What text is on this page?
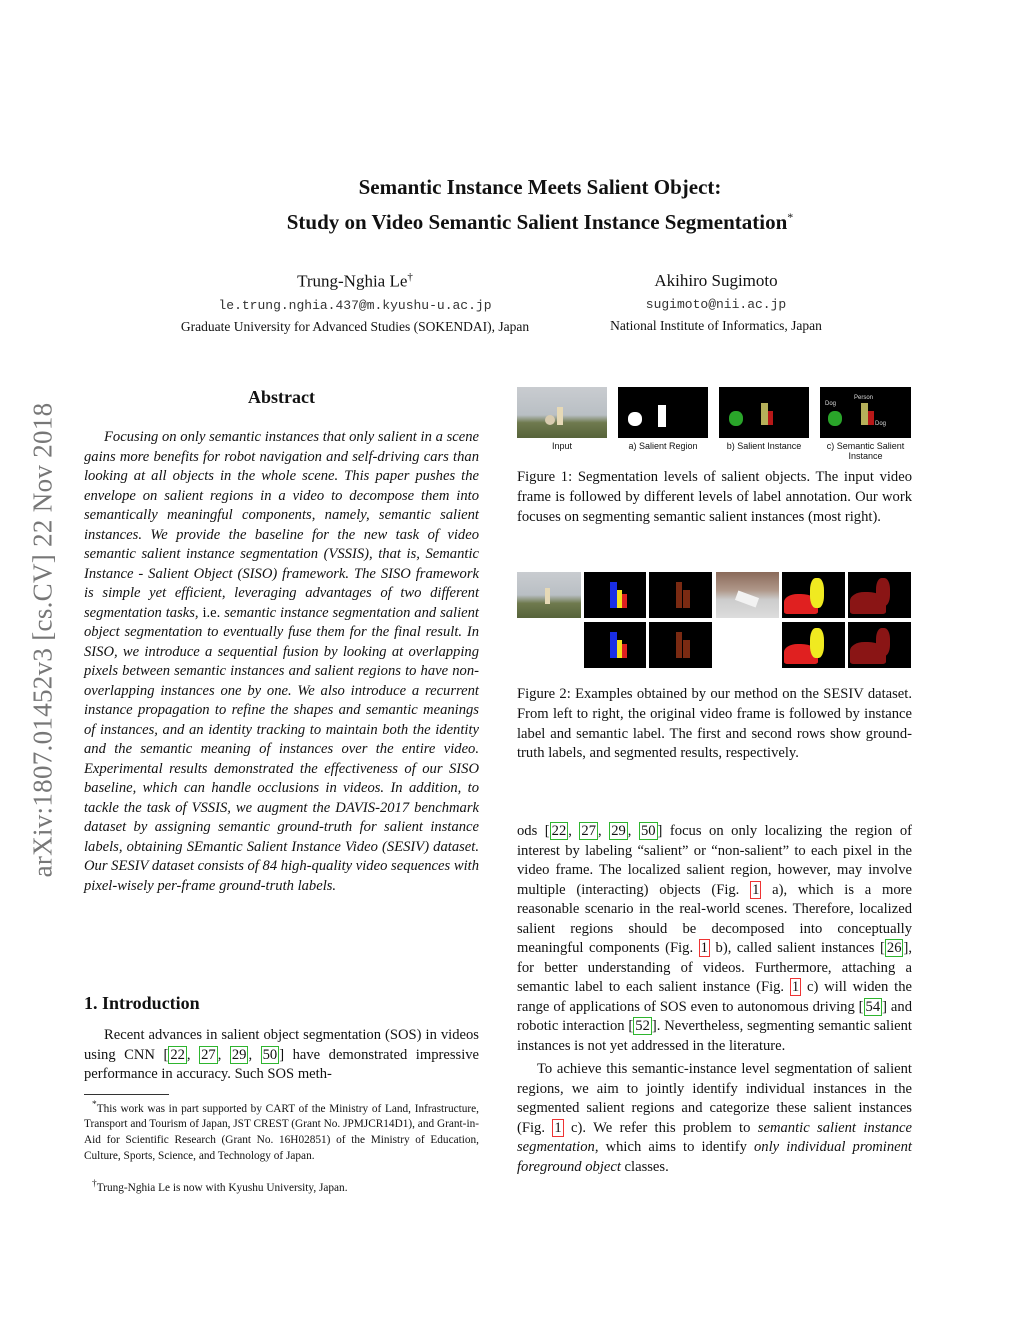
arXiv:1807.01452v3 [cs.CV] 22 Nov 2018
Semantic Instance Meets Salient Object:
Study on Video Semantic Salient Instance Segmentation*
Trung-Nghia Le†
le.trung.nghia.437@m.kyushu-u.ac.jp
Graduate University for Advanced Studies (SOKENDAI), Japan
Akihiro Sugimoto
sugimoto@nii.ac.jp
National Institute of Informatics, Japan
Abstract
Focusing on only semantic instances that only salient in a scene gains more benefits for robot navigation and self-driving cars than looking at all objects in the whole scene. This paper pushes the envelope on salient regions in a video to decompose them into semantically meaningful components, namely, semantic salient instances. We provide the baseline for the new task of video semantic salient instance segmentation (VSSIS), that is, Semantic Instance - Salient Object (SISO) framework. The SISO framework is simple yet efficient, leveraging advantages of two different segmentation tasks, i.e. semantic instance segmentation and salient object segmentation to eventually fuse them for the final result. In SISO, we introduce a sequential fusion by looking at overlapping pixels between semantic instances and salient regions to have non-overlapping instances one by one. We also introduce a recurrent instance propagation to refine the shapes and semantic meanings of instances, and an identity tracking to maintain both the identity and the semantic meaning of instances over the entire video. Experimental results demonstrated the effectiveness of our SISO baseline, which can handle occlusions in videos. In addition, to tackle the task of VSSIS, we augment the DAVIS-2017 benchmark dataset by assigning semantic ground-truth for salient instance labels, obtaining SEmantic Salient Instance Video (SESIV) dataset. Our SESIV dataset consists of 84 high-quality video sequences with pixel-wisely per-frame ground-truth labels.
1. Introduction
Recent advances in salient object segmentation (SOS) in videos using CNN [ 22 , 27 , 29 , 50 ] have demonstrated impressive performance in accuracy. Such SOS meth-
*This work was in part supported by CART of the Ministry of Land, Infrastructure, Transport and Tourism of Japan, JST CREST (Grant No. JPMJCR14D1), and Grant-in-Aid for Scientific Research (Grant No. 16H02851) of the Ministry of Education, Culture, Sports, Science, and Technology of Japan.
†Trung-Nghia Le is now with Kyushu University, Japan.
Dog
Person
Dog
Input	a) Salient Region	b) Salient Instance	c) Semantic Salient Instance
Figure 1: Segmentation levels of salient objects. The input video frame is followed by different levels of label annotation. Our work focuses on segmenting semantic salient instances (most right).
Figure 2: Examples obtained by our method on the SESIV dataset. From left to right, the original video frame is followed by instance label and semantic label. The first and second rows show ground-truth labels, and segmented results, respectively.

ods [ 22 , 27 , 29 , 50 ] focus on only localizing the region of interest by labeling “salient” or “non-salient” to each pixel in the video frame. The localized salient region, however, may involve multiple (interacting) objects (Fig. 1 a), which is a more reasonable scenario in the real-world scenes. Therefore, localized salient regions should be decomposed into conceptually meaningful components (Fig. 1 b), called salient instances [ 26 ], for better understanding of videos. Furthermore, attaching a semantic label to each salient instance (Fig. 1 c) will widen the range of applications of SOS even to autonomous driving [ 54 ] and robotic interaction [ 52 ]. Nevertheless, segmenting semantic salient instances is not yet addressed in the literature.

To achieve this semantic-instance level segmentation of salient regions, we aim to jointly identify individual instances in the segmented salient regions and categorize these salient instances (Fig. 1 c). We refer this problem to semantic salient instance segmentation, which aims to identify only individual prominent foreground object classes.
